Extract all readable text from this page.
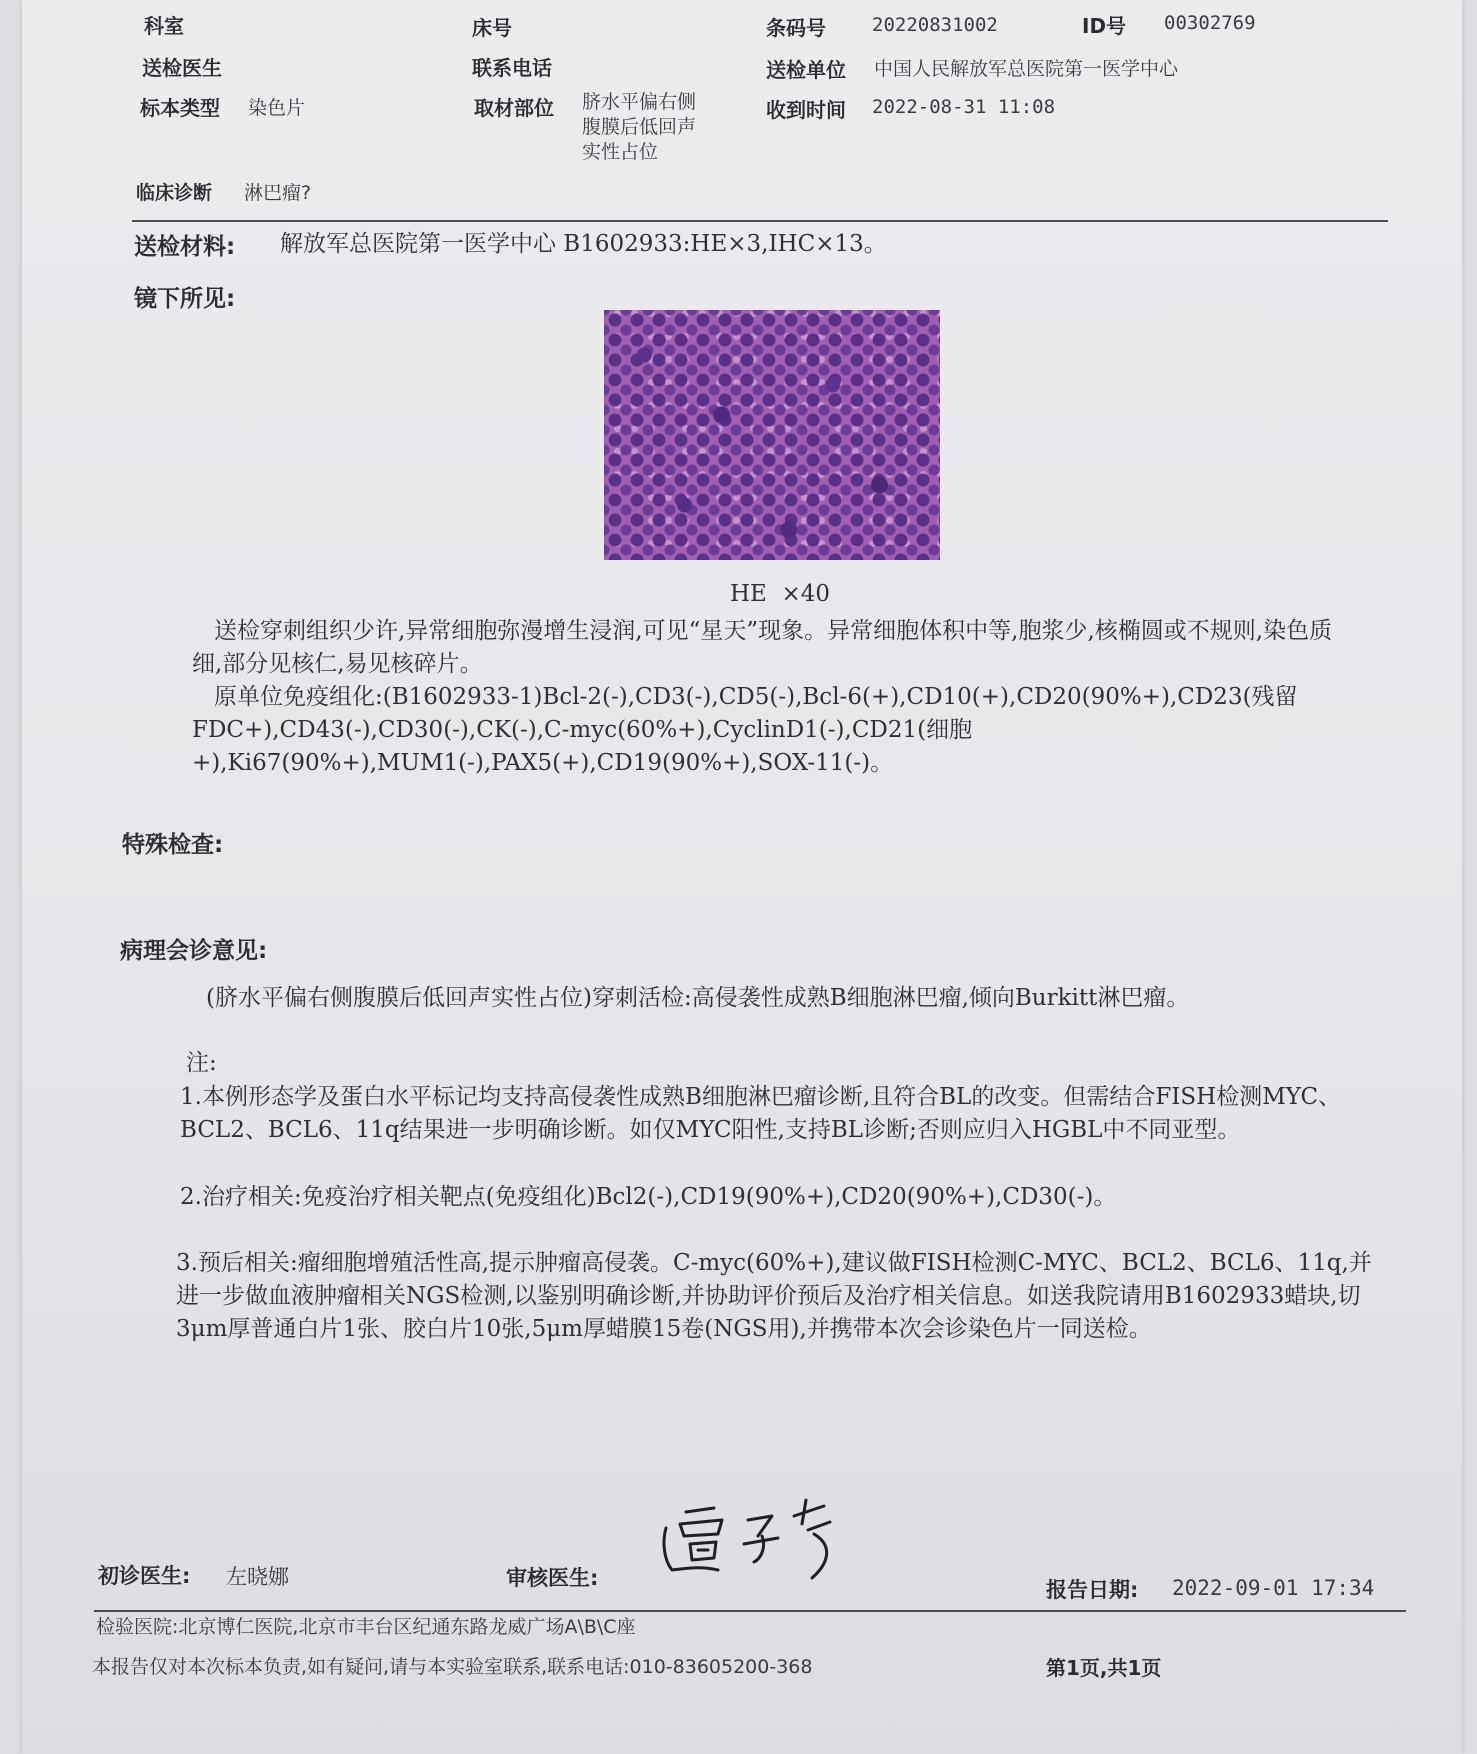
科室	床号	条码号 20220831002	ID号 00302769
送检医生	联系电话	送检单位 中国人民解放军总医院第一医学中心
标本类型 染色片	取材部位 脐水平偏右侧
腹膜后低回声
实性占位
收到时间 2022-08-31 11:08
临床诊断 淋巴瘤?
送检材料: 解放军总医院第一医学中心 B1602933:HE×3,IHC×13。
镜下所见:
HE  ×40
送检穿刺组织少许,异常细胞弥漫增生浸润,可见“星天”现象。异常细胞体积中等,胞浆少,核椭圆或不规则,染色质细,部分见核仁,易见核碎片。
原单位免疫组化:(B1602933-1)Bcl-2(-),CD3(-),CD5(-),Bcl-6(+),CD10(+),CD20(90%+),CD23(残留FDC+),CD43(-),CD30(-),CK(-),C-myc(60%+),CyclinD1(-),CD21(细胞+),Ki67(90%+),MUM1(-),PAX5(+),CD19(90%+),SOX-11(-)。
特殊检查:
病理会诊意见:
(脐水平偏右侧腹膜后低回声实性占位)穿刺活检:高侵袭性成熟B细胞淋巴瘤,倾向Burkitt淋巴瘤。
注:
1.本例形态学及蛋白水平标记均支持高侵袭性成熟B细胞淋巴瘤诊断,且符合BL的改变。但需结合FISH检测MYC、BCL2、BCL6、11q结果进一步明确诊断。如仅MYC阳性,支持BL诊断;否则应归入HGBL中不同亚型。
2.治疗相关:免疫治疗相关靶点(免疫组化)Bcl2(-),CD19(90%+),CD20(90%+),CD30(-)。
3.预后相关:瘤细胞增殖活性高,提示肿瘤高侵袭。C-myc(60%+),建议做FISH检测C-MYC、BCL2、BCL6、11q,并进一步做血液肿瘤相关NGS检测,以鉴别明确诊断,并协助评价预后及治疗相关信息。如送我院请用B1602933蜡块,切3μm厚普通白片1张、胶白片10张,5μm厚蜡膜15卷(NGS用),并携带本次会诊染色片一同送检。
初诊医生: 左晓娜	审核医生:	报告日期: 2022-09-01 17:34
检验医院:北京博仁医院,北京市丰台区纪通东路龙威广场A\B\C座
本报告仅对本次标本负责,如有疑问,请与本实验室联系,联系电话:010-83605200-368	第1页,共1页
